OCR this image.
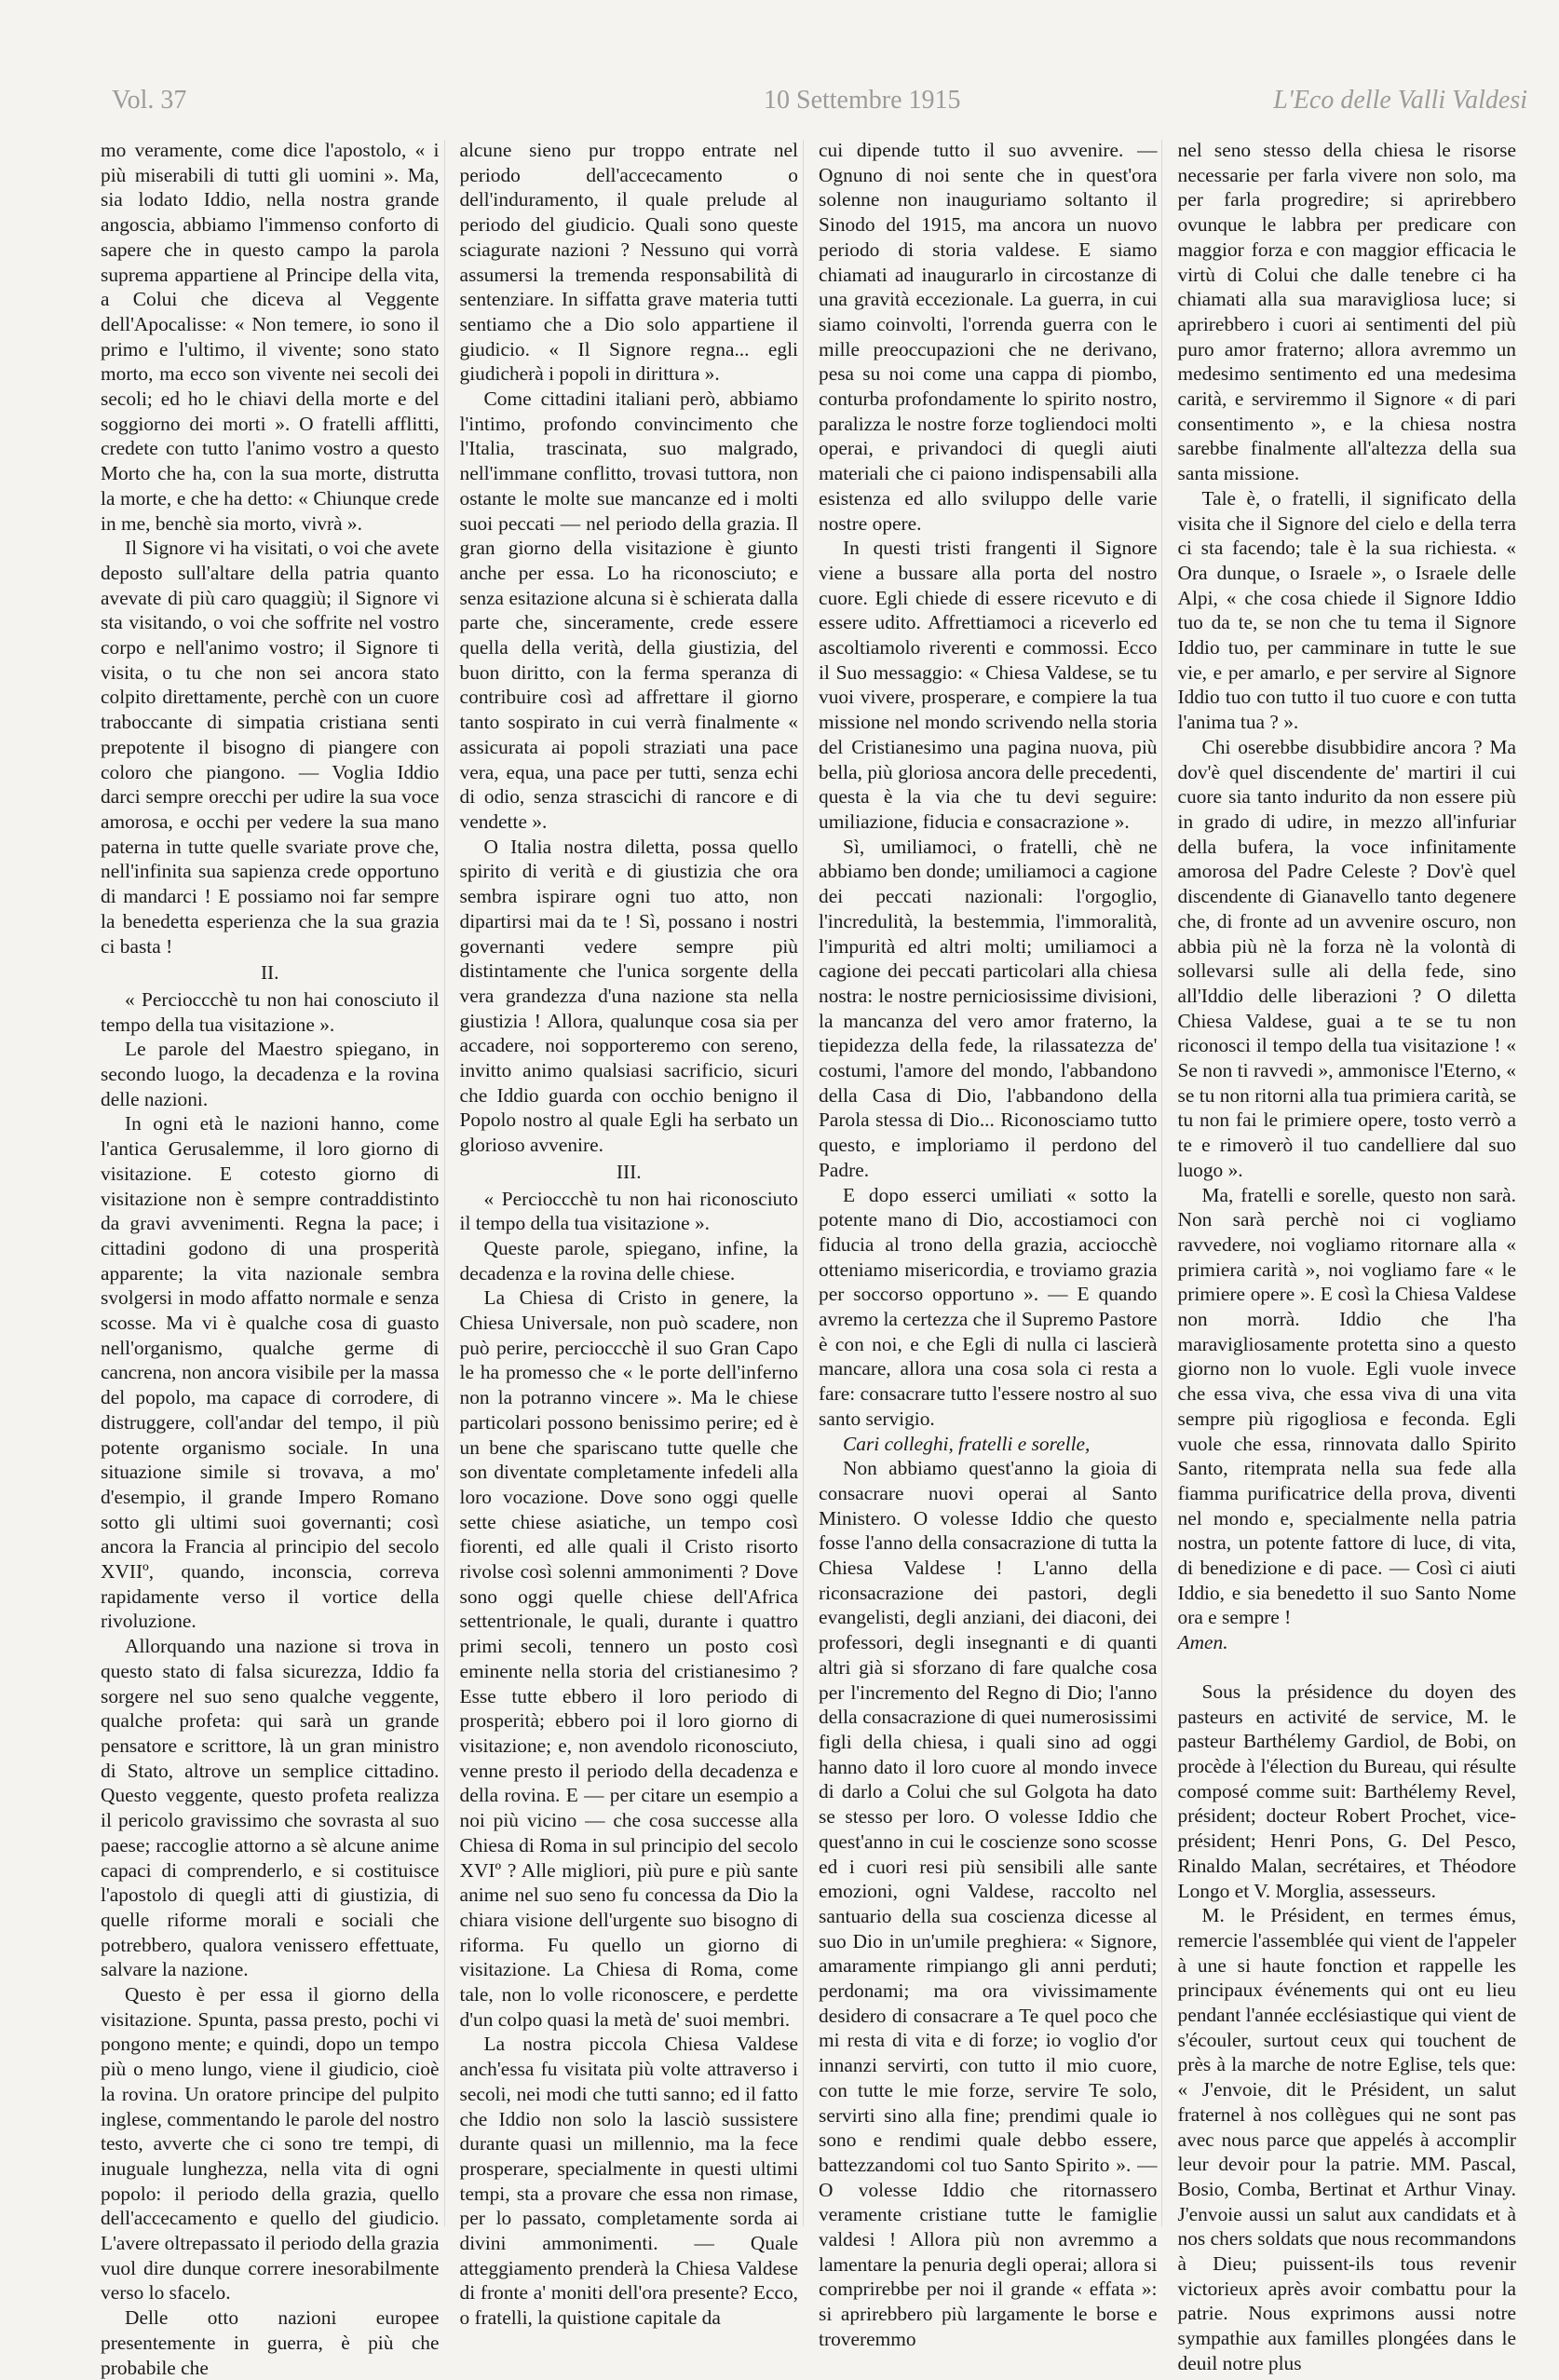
Vol. 37	10 Settembre 1915	L'Eco delle Valli Valdesi

mo veramente, come dice l'apostolo, « i più miserabili di tutti gli uomini ». Ma, sia lodato Iddio, nella nostra grande angoscia, abbiamo l'immenso conforto di sapere che in questo campo la parola suprema appartiene al Principe della vita, a Colui che diceva al Veggente dell'Apocalisse: « Non temere, io sono il primo e l'ultimo, il vivente; sono stato morto, ma ecco son vivente nei secoli dei secoli; ed ho le chiavi della morte e del soggiorno dei morti ». O fratelli afflitti, credete con tutto l'animo vostro a questo Morto che ha, con la sua morte, distrutta la morte, e che ha detto: « Chiunque crede in me, benchè sia morto, vivrà ».

Il Signore vi ha visitati, o voi che avete deposto sull'altare della patria quanto avevate di più caro quaggiù; il Signore vi sta visitando, o voi che soffrite nel vostro corpo e nell'animo vostro; il Signore ti visita, o tu che non sei ancora stato colpito direttamente, perchè con un cuore traboccante di simpatia cristiana senti prepotente il bisogno di piangere con coloro che piangono. — Voglia Iddio darci sempre orecchi per udire la sua voce amorosa, e occhi per vedere la sua mano paterna in tutte quelle svariate prove che, nell'infinita sua sapienza crede opportuno di mandarci ! E possiamo noi far sempre la benedetta esperienza che la sua grazia ci basta !

II.

« Percioccchè tu non hai conosciuto il tempo della tua visitazione ».

Le parole del Maestro spiegano, in secondo luogo, la decadenza e la rovina delle nazioni.

In ogni età le nazioni hanno, come l'antica Gerusalemme, il loro giorno di visitazione. E cotesto giorno di visitazione non è sempre contraddistinto da gravi avvenimenti. Regna la pace; i cittadini godono di una prosperità apparente; la vita nazionale sembra svolgersi in modo affatto normale e senza scosse. Ma vi è qualche cosa di guasto nell'organismo, qualche germe di cancrena, non ancora visibile per la massa del popolo, ma capace di corrodere, di distruggere, coll'andar del tempo, il più potente organismo sociale. In una situazione simile si trovava, a mo' d'esempio, il grande Impero Romano sotto gli ultimi suoi governanti; così ancora la Francia al principio del secolo XVIIº, quando, inconscia, correva rapidamente verso il vortice della rivoluzione.

Allorquando una nazione si trova in questo stato di falsa sicurezza, Iddio fa sorgere nel suo seno qualche veggente, qualche profeta: qui sarà un grande pensatore e scrittore, là un gran ministro di Stato, altrove un semplice cittadino. Questo veggente, questo profeta realizza il pericolo gravissimo che sovrasta al suo paese; raccoglie attorno a sè alcune anime capaci di comprenderlo, e si costituisce l'apostolo di quegli atti di giustizia, di quelle riforme morali e sociali che potrebbero, qualora venissero effettuate, salvare la nazione.

Questo è per essa il giorno della visitazione. Spunta, passa presto, pochi vi pongono mente; e quindi, dopo un tempo più o meno lungo, viene il giudicio, cioè la rovina. Un oratore principe del pulpito inglese, commentando le parole del nostro testo, avverte che ci sono tre tempi, di inuguale lunghezza, nella vita di ogni popolo: il periodo della grazia, quello dell'accecamento e quello del giudicio. L'avere oltrepassato il periodo della grazia vuol dire dunque correre inesorabilmente verso lo sfacelo.

Delle otto nazioni europee presentemente in guerra, è più che probabile che

alcune sieno pur troppo entrate nel periodo dell'accecamento o dell'induramento, il quale prelude al periodo del giudicio. Quali sono queste sciagurate nazioni ? Nessuno qui vorrà assumersi la tremenda responsabilità di sentenziare. In siffatta grave materia tutti sentiamo che a Dio solo appartiene il giudicio. « Il Signore regna... egli giudicherà i popoli in dirittura ».

Come cittadini italiani però, abbiamo l'intimo, profondo convincimento che l'Italia, trascinata, suo malgrado, nell'immane conflitto, trovasi tuttora, non ostante le molte sue mancanze ed i molti suoi peccati — nel periodo della grazia. Il gran giorno della visitazione è giunto anche per essa. Lo ha riconosciuto; e senza esitazione alcuna si è schierata dalla parte che, sinceramente, crede essere quella della verità, della giustizia, del buon diritto, con la ferma speranza di contribuire così ad affrettare il giorno tanto sospirato in cui verrà finalmente « assicurata ai popoli straziati una pace vera, equa, una pace per tutti, senza echi di odio, senza strascichi di rancore e di vendette ».

O Italia nostra diletta, possa quello spirito di verità e di giustizia che ora sembra ispirare ogni tuo atto, non dipartirsi mai da te ! Sì, possano i nostri governanti vedere sempre più distintamente che l'unica sorgente della vera grandezza d'una nazione sta nella giustizia ! Allora, qualunque cosa sia per accadere, noi sopporteremo con sereno, invitto animo qualsiasi sacrificio, sicuri che Iddio guarda con occhio benigno il Popolo nostro al quale Egli ha serbato un glorioso avvenire.

III.

« Percioccchè tu non hai riconosciuto il tempo della tua visitazione ».

Queste parole, spiegano, infine, la decadenza e la rovina delle chiese.

La Chiesa di Cristo in genere, la Chiesa Universale, non può scadere, non può perire, percioccchè il suo Gran Capo le ha promesso che « le porte dell'inferno non la potranno vincere ». Ma le chiese particolari possono benissimo perire; ed è un bene che spariscano tutte quelle che son diventate completamente infedeli alla loro vocazione. Dove sono oggi quelle sette chiese asiatiche, un tempo così fiorenti, ed alle quali il Cristo risorto rivolse così solenni ammonimenti ? Dove sono oggi quelle chiese dell'Africa settentrionale, le quali, durante i quattro primi secoli, tennero un posto così eminente nella storia del cristianesimo ? Esse tutte ebbero il loro periodo di prosperità; ebbero poi il loro giorno di visitazione; e, non avendolo riconosciuto, venne presto il periodo della decadenza e della rovina. E — per citare un esempio a noi più vicino — che cosa successe alla Chiesa di Roma in sul principio del secolo XVIº ? Alle migliori, più pure e più sante anime nel suo seno fu concessa da Dio la chiara visione dell'urgente suo bisogno di riforma. Fu quello un giorno di visitazione. La Chiesa di Roma, come tale, non lo volle riconoscere, e perdette d'un colpo quasi la metà de' suoi membri.

La nostra piccola Chiesa Valdese anch'essa fu visitata più volte attraverso i secoli, nei modi che tutti sanno; ed il fatto che Iddio non solo la lasciò sussistere durante quasi un millennio, ma la fece prosperare, specialmente in questi ultimi tempi, sta a provare che essa non rimase, per lo passato, completamente sorda ai divini ammonimenti. — Quale atteggiamento prenderà la Chiesa Valdese di fronte a' moniti dell'ora presente? Ecco, o fratelli, la quistione capitale da

cui dipende tutto il suo avvenire. — Ognuno di noi sente che in quest'ora solenne non inauguriamo soltanto il Sinodo del 1915, ma ancora un nuovo periodo di storia valdese. E siamo chiamati ad inaugurarlo in circostanze di una gravità eccezionale. La guerra, in cui siamo coinvolti, l'orrenda guerra con le mille preoccupazioni che ne derivano, pesa su noi come una cappa di piombo, conturba profondamente lo spirito nostro, paralizza le nostre forze togliendoci molti operai, e privandoci di quegli aiuti materiali che ci paiono indispensabili alla esistenza ed allo sviluppo delle varie nostre opere.

In questi tristi frangenti il Signore viene a bussare alla porta del nostro cuore. Egli chiede di essere ricevuto e di essere udito. Affrettiamoci a riceverlo ed ascoltiamolo riverenti e commossi. Ecco il Suo messaggio: « Chiesa Valdese, se tu vuoi vivere, prosperare, e compiere la tua missione nel mondo scrivendo nella storia del Cristianesimo una pagina nuova, più bella, più gloriosa ancora delle precedenti, questa è la via che tu devi seguire: umiliazione, fiducia e consacrazione ».

Sì, umiliamoci, o fratelli, chè ne abbiamo ben donde; umiliamoci a cagione dei peccati nazionali: l'orgoglio, l'incredulità, la bestemmia, l'immoralità, l'impurità ed altri molti; umiliamoci a cagione dei peccati particolari alla chiesa nostra: le nostre perniciosissime divisioni, la mancanza del vero amor fraterno, la tiepidezza della fede, la rilassatezza de' costumi, l'amore del mondo, l'abbandono della Casa di Dio, l'abbandono della Parola stessa di Dio... Riconosciamo tutto questo, e imploriamo il perdono del Padre.

E dopo esserci umiliati « sotto la potente mano di Dio, accostiamoci con fiducia al trono della grazia, acciocchè otteniamo misericordia, e troviamo grazia per soccorso opportuno ». — E quando avremo la certezza che il Supremo Pastore è con noi, e che Egli di nulla ci lascierà mancare, allora una cosa sola ci resta a fare: consacrare tutto l'essere nostro al suo santo servigio.

Cari colleghi, fratelli e sorelle,

Non abbiamo quest'anno la gioia di consacrare nuovi operai al Santo Ministero. O volesse Iddio che questo fosse l'anno della consacrazione di tutta la Chiesa Valdese ! L'anno della riconsacrazione dei pastori, degli evangelisti, degli anziani, dei diaconi, dei professori, degli insegnanti e di quanti altri già si sforzano di fare qualche cosa per l'incremento del Regno di Dio; l'anno della consacrazione di quei numerosissimi figli della chiesa, i quali sino ad oggi hanno dato il loro cuore al mondo invece di darlo a Colui che sul Golgota ha dato se stesso per loro. O volesse Iddio che quest'anno in cui le coscienze sono scosse ed i cuori resi più sensibili alle sante emozioni, ogni Valdese, raccolto nel santuario della sua coscienza dicesse al suo Dio in un'umile preghiera: « Signore, amaramente rimpiango gli anni perduti; perdonami; ma ora vivissimamente desidero di consacrare a Te quel poco che mi resta di vita e di forze; io voglio d'or innanzi servirti, con tutto il mio cuore, con tutte le mie forze, servire Te solo, servirti sino alla fine; prendimi quale io sono e rendimi quale debbo essere, battezzandomi col tuo Santo Spirito ». — O volesse Iddio che ritornassero veramente cristiane tutte le famiglie valdesi ! Allora più non avremmo a lamentare la penuria degli operai; allora si comprirebbe per noi il grande « effata »: si aprirebbero più largamente le borse e troveremmo

nel seno stesso della chiesa le risorse necessarie per farla vivere non solo, ma per farla progredire; si aprirebbero ovunque le labbra per predicare con maggior forza e con maggior efficacia le virtù di Colui che dalle tenebre ci ha chiamati alla sua maravigliosa luce; si aprirebbero i cuori ai sentimenti del più puro amor fraterno; allora avremmo un medesimo sentimento ed una medesima carità, e serviremmo il Signore « di pari consentimento », e la chiesa nostra sarebbe finalmente all'altezza della sua santa missione.

Tale è, o fratelli, il significato della visita che il Signore del cielo e della terra ci sta facendo; tale è la sua richiesta. « Ora dunque, o Israele », o Israele delle Alpi, « che cosa chiede il Signore Iddio tuo da te, se non che tu tema il Signore Iddio tuo, per camminare in tutte le sue vie, e per amarlo, e per servire al Signore Iddio tuo con tutto il tuo cuore e con tutta l'anima tua ? ».

Chi oserebbe disubbidire ancora ? Ma dov'è quel discendente de' martiri il cui cuore sia tanto indurito da non essere più in grado di udire, in mezzo all'infuriar della bufera, la voce infinitamente amorosa del Padre Celeste ? Dov'è quel discendente di Gianavello tanto degenere che, di fronte ad un avvenire oscuro, non abbia più nè la forza nè la volontà di sollevarsi sulle ali della fede, sino all'Iddio delle liberazioni ? O diletta Chiesa Valdese, guai a te se tu non riconosci il tempo della tua visitazione ! « Se non ti ravvedi », ammonisce l'Eterno, « se tu non ritorni alla tua primiera carità, se tu non fai le primiere opere, tosto verrò a te e rimoverò il tuo candelliere dal suo luogo ».

Ma, fratelli e sorelle, questo non sarà. Non sarà perchè noi ci vogliamo ravvedere, noi vogliamo ritornare alla « primiera carità », noi vogliamo fare « le primiere opere ». E così la Chiesa Valdese non morrà. Iddio che l'ha maravigliosamente protetta sino a questo giorno non lo vuole. Egli vuole invece che essa viva, che essa viva di una vita sempre più rigogliosa e feconda. Egli vuole che essa, rinnovata dallo Spirito Santo, ritemprata nella sua fede alla fiamma purificatrice della prova, diventi nel mondo e, specialmente nella patria nostra, un potente fattore di luce, di vita, di benedizione e di pace. — Così ci aiuti Iddio, e sia benedetto il suo Santo Nome ora e sempre !

Amen.

Sous la présidence du doyen des pasteurs en activité de service, M. le pasteur Barthélemy Gardiol, de Bobi, on procède à l'élection du Bureau, qui résulte composé comme suit: Barthélemy Revel, président; docteur Robert Prochet, vice-président; Henri Pons, G. Del Pesco, Rinaldo Malan, secrétaires, et Théodore Longo et V. Morglia, assesseurs.

M. le Président, en termes émus, remercie l'assemblée qui vient de l'appeler à une si haute fonction et rappelle les principaux événements qui ont eu lieu pendant l'année ecclésiastique qui vient de s'écouler, surtout ceux qui touchent de près à la marche de notre Eglise, tels que: « J'envoie, dit le Président, un salut fraternel à nos collègues qui ne sont pas avec nous parce que appelés à accomplir leur devoir pour la patrie. MM. Pascal, Bosio, Comba, Bertinat et Arthur Vinay. J'envoie aussi un salut aux candidats et à nos chers soldats que nous recommandons à Dieu; puissent-ils tous revenir victorieux après avoir combattu pour la patrie. Nous exprimons aussi notre sympathie aux familles plongées dans le deuil notre plus
